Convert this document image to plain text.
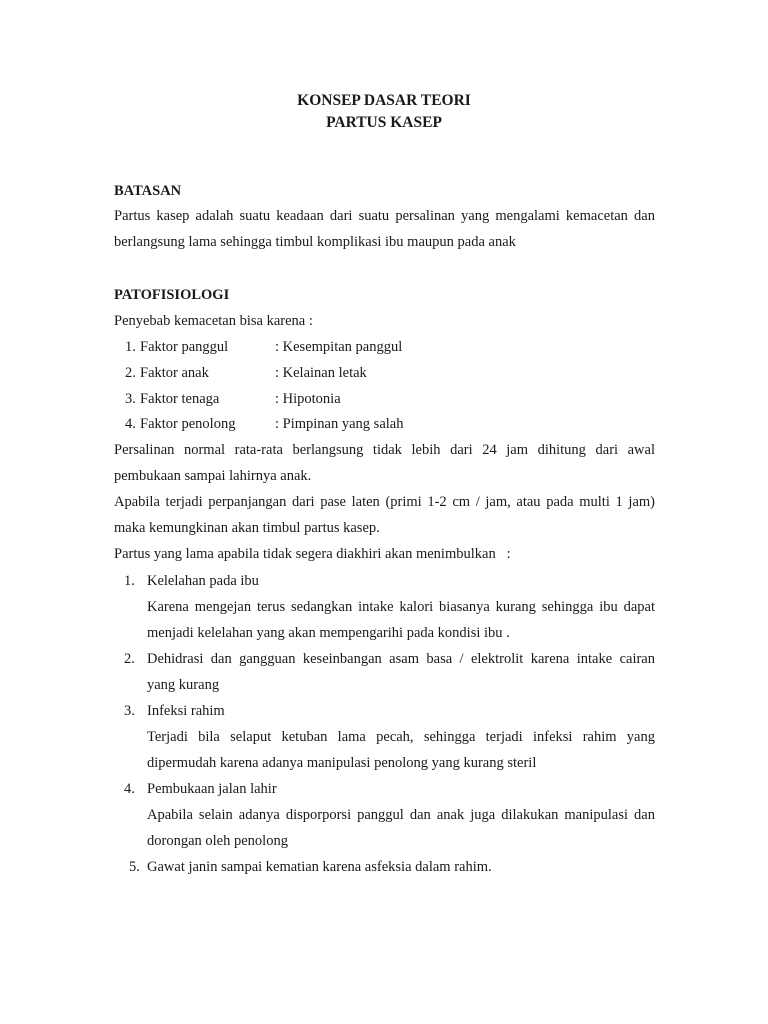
KONSEP DASAR TEORI
PARTUS KASEP
BATASAN
Partus kasep adalah suatu keadaan dari suatu persalinan yang mengalami kemacetan dan
berlangsung lama sehingga timbul komplikasi ibu maupun pada anak
PATOFISIOLOGI
Penyebab kemacetan bisa karena :
1. Faktor panggul	: Kesempitan panggul
2. Faktor anak	: Kelainan letak
3. Faktor tenaga	: Hipotonia
4. Faktor penolong	: Pimpinan yang salah
Persalinan normal rata-rata berlangsung tidak lebih dari 24 jam dihitung dari awal
pembukaan sampai lahirnya anak.
Apabila terjadi perpanjangan dari pase laten (primi 1-2 cm / jam, atau pada multi 1 jam)
maka kemungkinan akan timbul partus kasep.
Partus yang lama apabila tidak segera diakhiri akan menimbulkan   :
1. Kelelahan pada ibu
Karena mengejan terus sedangkan intake kalori biasanya kurang sehingga ibu dapat
menjadi kelelahan yang akan mempengarihi pada kondisi ibu .
2. Dehidrasi dan gangguan keseinbangan asam basa / elektrolit karena intake cairan
yang kurang
3. Infeksi rahim
Terjadi bila selaput ketuban lama pecah, sehingga terjadi infeksi rahim yang
dipermudah karena adanya manipulasi penolong yang kurang steril
4. Pembukaan jalan lahir
Apabila selain adanya disporporsi panggul dan anak juga dilakukan manipulasi dan
dorongan oleh penolong
5. Gawat janin sampai kematian karena asfeksia dalam rahim.
